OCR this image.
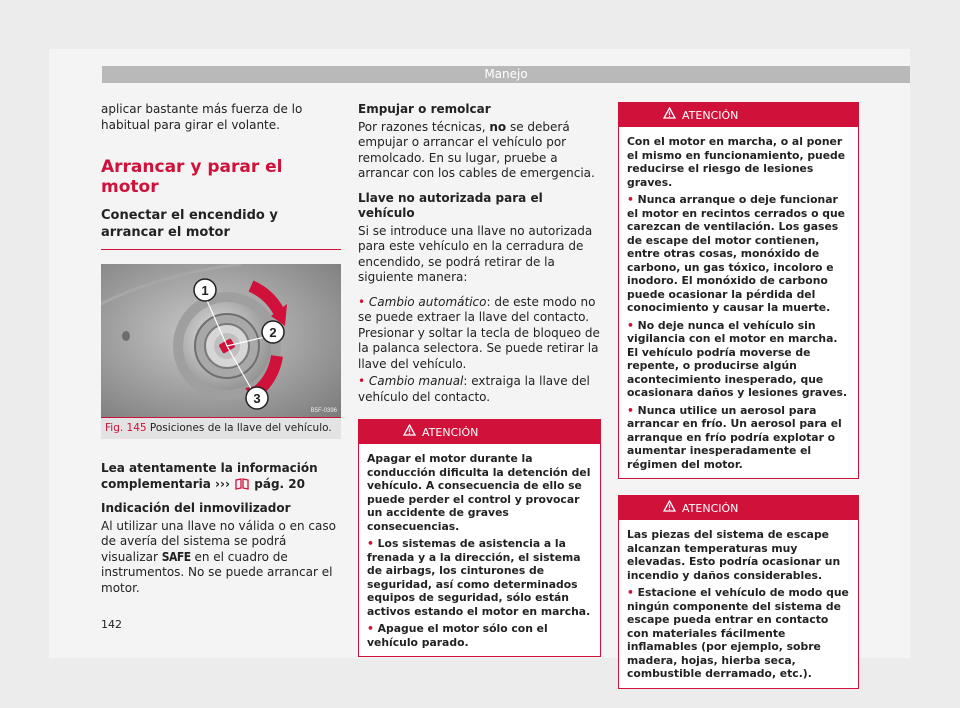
Manejo

aplicar bastante más fuerza de lo habitual para girar el volante.

Arrancar y parar el motor
Conectar el encendido y arrancar el motor
1
2
3
B5F-0396
Fig. 145 Posiciones de la llave del vehículo.

Lea atentamente la información complementaria ››› pág. 20

Indicación del inmovilizador

Al utilizar una llave no válida o en caso de avería del sistema se podrá visualizar SAFE en el cuadro de instrumentos. No se puede arrancar el motor.

Empujar o remolcar

Por razones técnicas, no se deberá empujar o arrancar el vehículo por remolcado. En su lugar, pruebe a arrancar con los cables de emergencia.

Llave no autorizada para el vehículo

Si se introduce una llave no autorizada para este vehículo en la cerradura de encendido, se podrá retirar de la siguiente manera:

• Cambio automático: de este modo no se puede extraer la llave del contacto. Presionar y soltar la tecla de bloqueo de la palanca selectora. Se puede retirar la llave del vehículo.

• Cambio manual: extraiga la llave del vehículo del contacto.

ATENCIÓN

Apagar el motor durante la conducción dificulta la detención del vehículo. A consecuencia de ello se puede perder el control y provocar un accidente de graves consecuencias.

• Los sistemas de asistencia a la frenada y a la dirección, el sistema de airbags, los cinturones de seguridad, así como determinados equipos de seguridad, sólo están activos estando el motor en marcha.

• Apague el motor sólo con el vehículo parado.

ATENCIÓN

Con el motor en marcha, o al poner el mismo en funcionamiento, puede reducirse el riesgo de lesiones graves.

• Nunca arranque o deje funcionar el motor en recintos cerrados o que carezcan de ventilación. Los gases de escape del motor contienen, entre otras cosas, monóxido de carbono, un gas tóxico, incoloro e inodoro. El monóxido de carbono puede ocasionar la pérdida del conocimiento y causar la muerte.

• No deje nunca el vehículo sin vigilancia con el motor en marcha. El vehículo podría moverse de repente, o producirse algún acontecimiento inesperado, que ocasionara daños y lesiones graves.

• Nunca utilice un aerosol para arrancar en frío. Un aerosol para el arranque en frío podría explotar o aumentar inesperadamente el régimen del motor.

ATENCIÓN

Las piezas del sistema de escape alcanzan temperaturas muy elevadas. Esto podría ocasionar un incendio y daños considerables.

• Estacione el vehículo de modo que ningún componente del sistema de escape pueda entrar en contacto con materiales fácilmente inflamables (por ejemplo, sobre madera, hojas, hierba seca, combustible derramado, etc.).

142
